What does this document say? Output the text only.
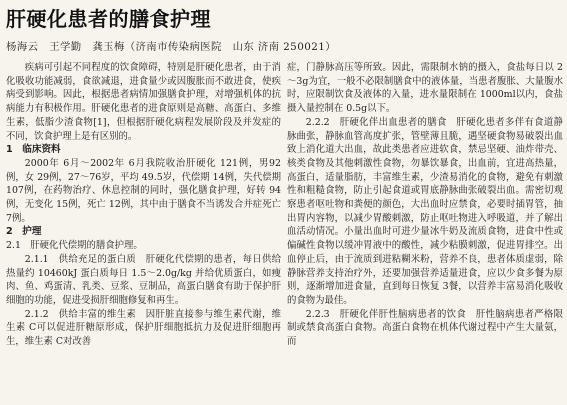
肝硬化患者的膳食护理
杨海云　王学勤　龚玉梅（济南市传染病医院　山东 济南 250021）

疾病可引起不同程度的饮食障碍，特别是肝硬化患者，由于消化吸收功能减弱，食欲减退，进食量少或因腹胀而不敢进食，使疾病受到影响。因此，根据患者病情加强膳食护理，对增强机体的抗病能力有积极作用。肝硬化患者的进食原则是高糖、高蛋白、多维生素，低脂少渣食物[1]，但根据肝硬化病程发展阶段及并发症的不同，饮食护理上是有区别的。

1　临床资料

2000年 6月～2002年 6月我院收治肝硬化 121例，男92例，女 29例，27～76岁，平均 49.5岁，代偿期 14例，失代偿期 107例，在药物治疗、休息控制的同时，强化膳食护理，好转 94例，无变化 15例，死亡 12例，其中由于膳食不当诱发合并症死亡 7例。

2　护理

2.1　肝硬化代偿期的膳食护理。

2.1.1　供给充足的蛋白质　肝硬化代偿期的患者，每日供给热量约 10460kJ 蛋白质每日 1.5～2.0g/kg 并给优质蛋白，如瘦肉、鱼、鸡蛋清、乳类、豆浆、豆制品，高蛋白膳食有助于保护肝细胞的功能，促进受损肝细胞修复和再生。

2.1.2　供给丰富的维生素　因肝脏直接参与维生素代谢，维生素 C可以促进肝糖原形成，保护肝细胞抵抗力及促进肝细胞再生，维生素 C对改善

症，门静脉高压等所致。因此，需限制水钠的摄入，食盐每日以 2～3g为宜，一般不必限制膳食中的液体量，当患者腹胀、大量腹水时，应限制饮食及液体的入量，进水量限制在 1000ml以内，食盐摄入量控制在 0.5g以下。

2.2.2　肝硬化伴出血患者的膳食　肝硬化患者多伴有食道静脉曲张，静脉血管高度扩张，管壁薄且脆，遇坚硬食物易破裂出血致上消化道大出血，故此类患者应进软食，禁忌坚硬、油炸带壳、核类食物及其他刺激性食物，勿暴饮暴食，出血前，宜进高热量，高蛋白，适量脂肪，丰富维生素，少渣易消化的食物，避免有刺激性和粗糙食物，防止引起食道或胃底静脉曲张破裂出血。需密切观察患者呕吐物和粪便的颜色，大出血时应禁食，必要时插胃管，抽出胃内容物，以减少胃酸刺激，防止呕吐物进入呼吸道，并了解出血活动情况。小量出血时可进少量冰牛奶及流质食物，进食中性或偏碱性食物以缓冲胃液中的酸性，减少粘膜刺激，促进胃排空。出血停止后，由于流质到进粘糊米粉，营养不良，患者体质虚弱，除静脉营养支持治疗外，还要加强营养适量进食，应以少食多餐为原则，逐渐增加进食量，直到每日恢复 3餐，以营养丰富易消化吸收的食物为最佳。

2.2.3　肝硬化伴肝性脑病患者的饮食　肝性脑病患者严格限制或禁食高蛋白食物。高蛋白食物在机体代谢过程中产生大量氨，而
